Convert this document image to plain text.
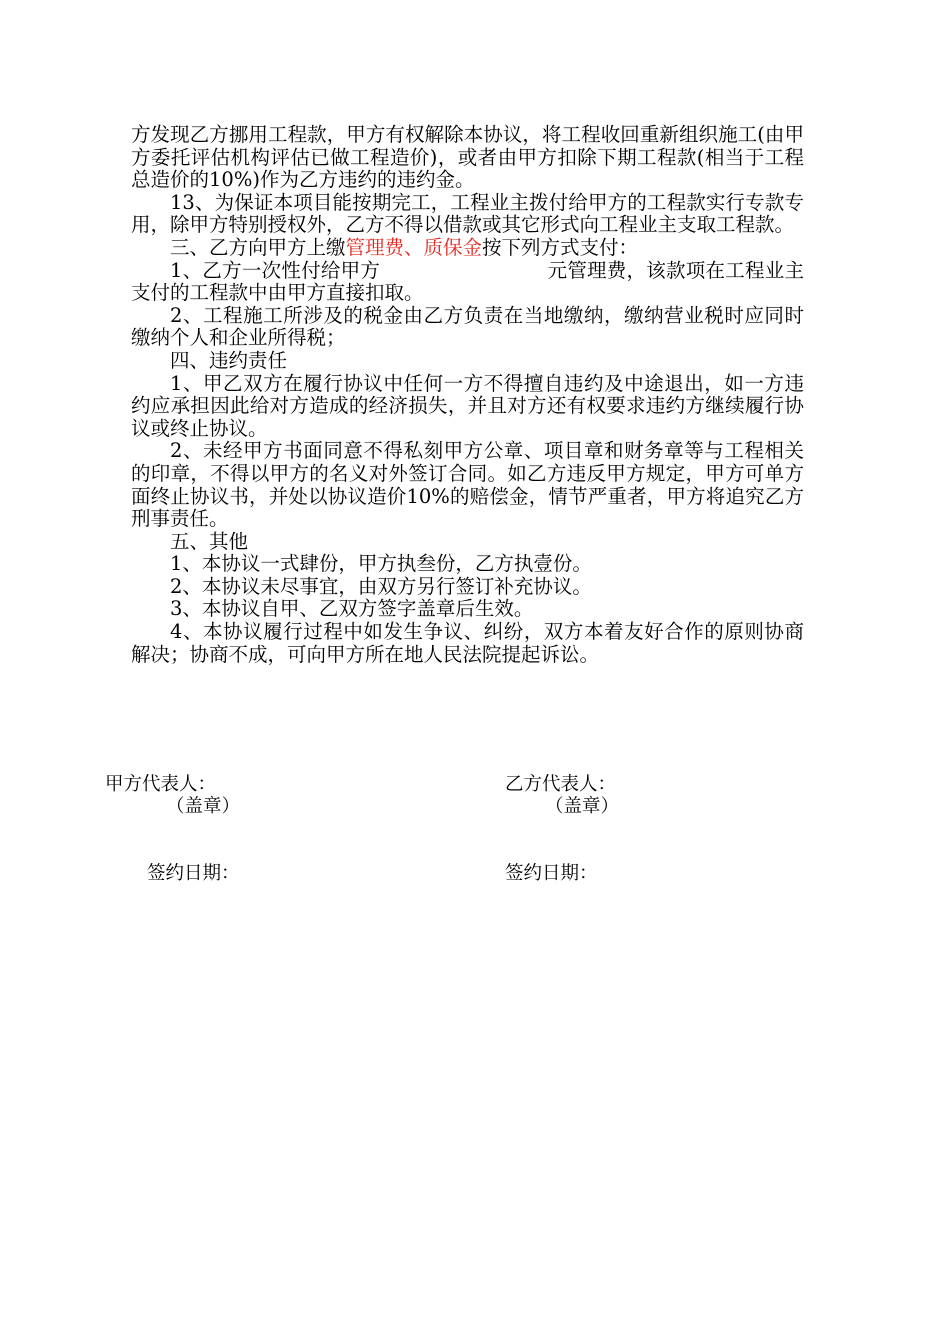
方发现乙方挪用工程款，甲方有权解除本协议，将工程收回重新组织施工(由甲方委托评估机构评估已做工程造价)，或者由甲方扣除下期工程款(相当于工程总造价的10%)作为乙方违约的违约金。

13、为保证本项目能按期完工，工程业主拨付给甲方的工程款实行专款专用，除甲方特别授权外，乙方不得以借款或其它形式向工程业主支取工程款。

三、乙方向甲方上缴管理费、质保金按下列方式支付：

1、乙方一次性付给甲方                          元管理费，该款项在工程业主支付的工程款中由甲方直接扣取。

2、工程施工所涉及的税金由乙方负责在当地缴纳，缴纳营业税时应同时缴纳个人和企业所得税；

四、违约责任

1、甲乙双方在履行协议中任何一方不得擅自违约及中途退出，如一方违约应承担因此给对方造成的经济损失，并且对方还有权要求违约方继续履行协议或终止协议。

2、未经甲方书面同意不得私刻甲方公章、项目章和财务章等与工程相关的印章，不得以甲方的名义对外签订合同。如乙方违反甲方规定，甲方可单方面终止协议书，并处以协议造价10%的赔偿金，情节严重者，甲方将追究乙方刑事责任。

五、其他

1、本协议一式肆份，甲方执叁份，乙方执壹份。

2、本协议未尽事宜，由双方另行签订补充协议。

3、本协议自甲、乙双方签字盖章后生效。

4、本协议履行过程中如发生争议、纠纷，双方本着友好合作的原则协商解决；协商不成，可向甲方所在地人民法院提起诉讼。

甲方代表人：
（盖章）
乙方代表人：
（盖章）
签约日期：	签约日期：
